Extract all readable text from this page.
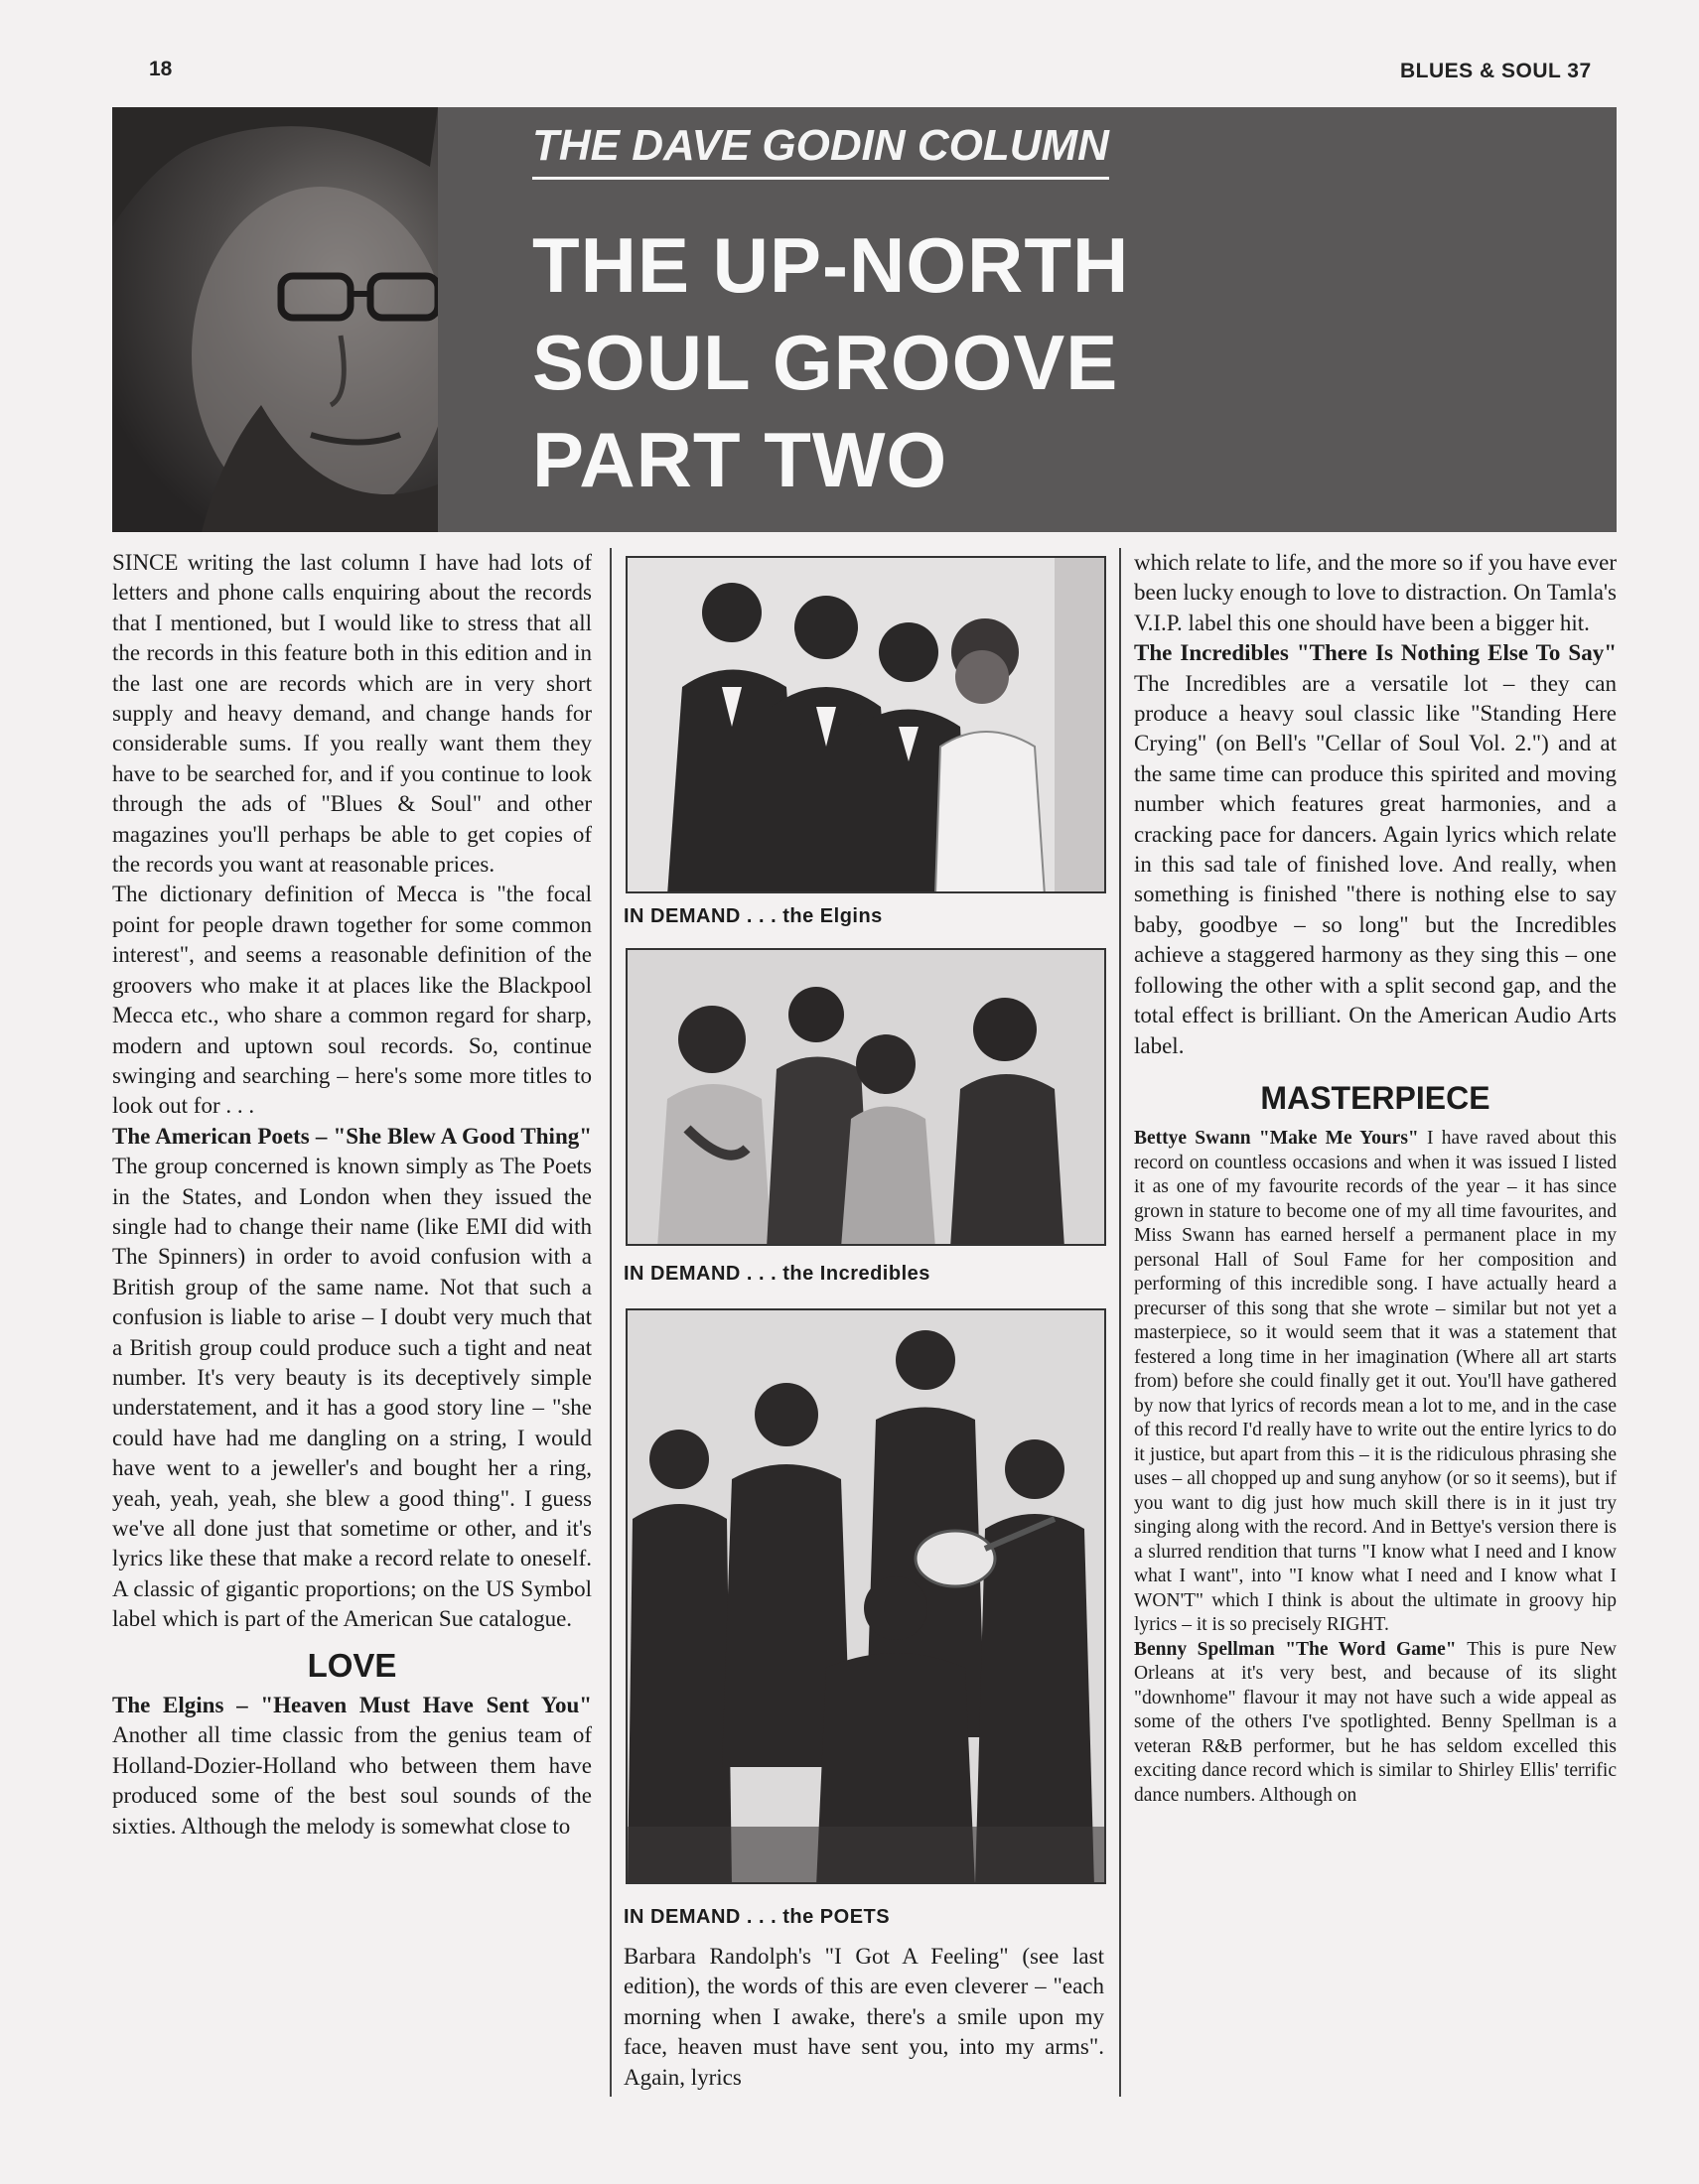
18	BLUES & SOUL 37
THE DAVE GODIN COLUMN
THE UP-NORTH
SOUL GROOVE
PART TWO

SINCE writing the last column I have had lots of letters and phone calls enquiring about the records that I mentioned, but I would like to stress that all the records in this feature both in this edition and in the last one are records which are in very short supply and heavy demand, and change hands for considerable sums. If you really want them they have to be searched for, and if you continue to look through the ads of "Blues & Soul" and other magazines you'll perhaps be able to get copies of the records you want at reasonable prices.

The dictionary definition of Mecca is "the focal point for people drawn together for some common interest", and seems a reasonable definition of the groovers who make it at places like the Blackpool Mecca etc., who share a common regard for sharp, modern and uptown soul records. So, continue swinging and searching – here's some more titles to look out for . . .

The American Poets – "She Blew A Good Thing" The group concerned is known simply as The Poets in the States, and London when they issued the single had to change their name (like EMI did with The Spinners) in order to avoid confusion with a British group of the same name. Not that such a confusion is liable to arise – I doubt very much that a British group could produce such a tight and neat number. It's very beauty is its deceptively simple understatement, and it has a good story line – "she could have had me dangling on a string, I would have went to a jeweller's and bought her a ring, yeah, yeah, yeah, she blew a good thing". I guess we've all done just that sometime or other, and it's lyrics like these that make a record relate to oneself. A classic of gigantic proportions; on the US Symbol label which is part of the American Sue catalogue.

LOVE

The Elgins – "Heaven Must Have Sent You" Another all time classic from the genius team of Holland-Dozier-Holland who between them have produced some of the best soul sounds of the sixties. Although the melody is somewhat close to

IN DEMAND . . . the Elgins
IN DEMAND . . . the Incredibles
IN DEMAND . . . the POETS
Barbara Randolph's "I Got A Feeling" (see last edition), the words of this are even cleverer – "each morning when I awake, there's a smile upon my face, heaven must have sent you, into my arms". Again, lyrics

which relate to life, and the more so if you have ever been lucky enough to love to distraction. On Tamla's V.I.P. label this one should have been a bigger hit.

The Incredibles "There Is Nothing Else To Say" The Incredibles are a versatile lot – they can produce a heavy soul classic like "Standing Here Crying" (on Bell's "Cellar of Soul Vol. 2.") and at the same time can produce this spirited and moving number which features great harmonies, and a cracking pace for dancers. Again lyrics which relate in this sad tale of finished love. And really, when something is finished "there is nothing else to say baby, goodbye – so long" but the Incredibles achieve a staggered harmony as they sing this – one following the other with a split second gap, and the total effect is brilliant. On the American Audio Arts label.

MASTERPIECE

Bettye Swann "Make Me Yours" I have raved about this record on countless occasions and when it was issued I listed it as one of my favourite records of the year – it has since grown in stature to become one of my all time favourites, and Miss Swann has earned herself a permanent place in my personal Hall of Soul Fame for her composition and performing of this incredible song. I have actually heard a precurser of this song that she wrote – similar but not yet a masterpiece, so it would seem that it was a statement that festered a long time in her imagination (Where all art starts from) before she could finally get it out. You'll have gathered by now that lyrics of records mean a lot to me, and in the case of this record I'd really have to write out the entire lyrics to do it justice, but apart from this – it is the ridiculous phrasing she uses – all chopped up and sung anyhow (or so it seems), but if you want to dig just how much skill there is in it just try singing along with the record. And in Bettye's version there is a slurred rendition that turns "I know what I need and I know what I want", into "I know what I need and I know what I WON'T" which I think is about the ultimate in groovy hip lyrics – it is so precisely RIGHT.

Benny Spellman "The Word Game" This is pure New Orleans at it's very best, and because of its slight "downhome" flavour it may not have such a wide appeal as some of the others I've spotlighted. Benny Spellman is a veteran R&B performer, but he has seldom excelled this exciting dance record which is similar to Shirley Ellis' terrific dance numbers. Although on
